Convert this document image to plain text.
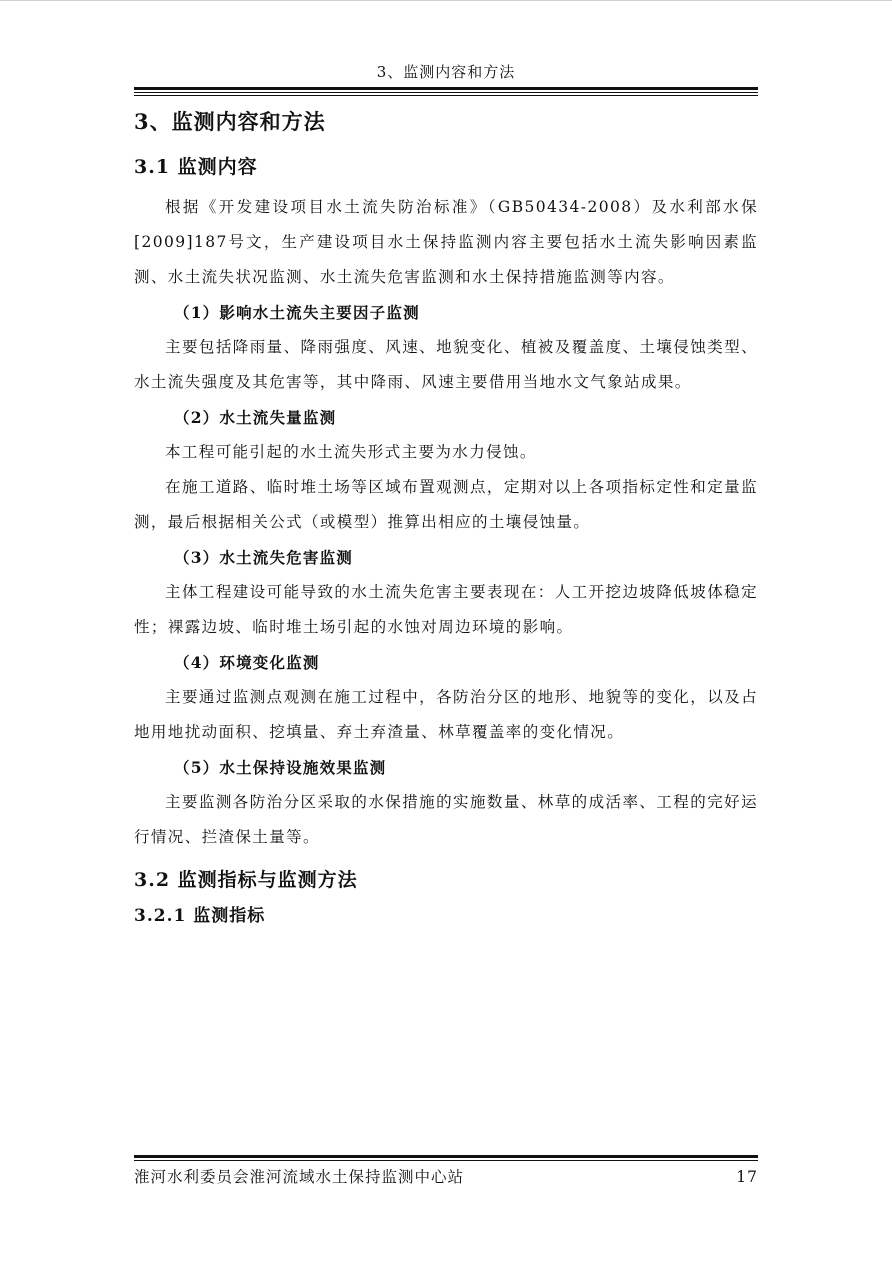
3、监测内容和方法
3、监测内容和方法
3.1 监测内容

根据《开发建设项目水土流失防治标准》（GB50434-2008）及水利部水保[2009]187号文，生产建设项目水土保持监测内容主要包括水土流失影响因素监测、水土流失状况监测、水土流失危害监测和水土保持措施监测等内容。

（1）影响水土流失主要因子监测

主要包括降雨量、降雨强度、风速、地貌变化、植被及覆盖度、土壤侵蚀类型、水土流失强度及其危害等，其中降雨、风速主要借用当地水文气象站成果。

（2）水土流失量监测

本工程可能引起的水土流失形式主要为水力侵蚀。

在施工道路、临时堆土场等区域布置观测点，定期对以上各项指标定性和定量监测，最后根据相关公式（或模型）推算出相应的土壤侵蚀量。

（3）水土流失危害监测

主体工程建设可能导致的水土流失危害主要表现在：人工开挖边坡降低坡体稳定性；裸露边坡、临时堆土场引起的水蚀对周边环境的影响。

（4）环境变化监测

主要通过监测点观测在施工过程中，各防治分区的地形、地貌等的变化，以及占地用地扰动面积、挖填量、弃土弃渣量、林草覆盖率的变化情况。

（5）水土保持设施效果监测

主要监测各防治分区采取的水保措施的实施数量、林草的成活率、工程的完好运行情况、拦渣保土量等。

3.2 监测指标与监测方法
3.2.1 监测指标
淮河水利委员会淮河流域水土保持监测中心站	17
